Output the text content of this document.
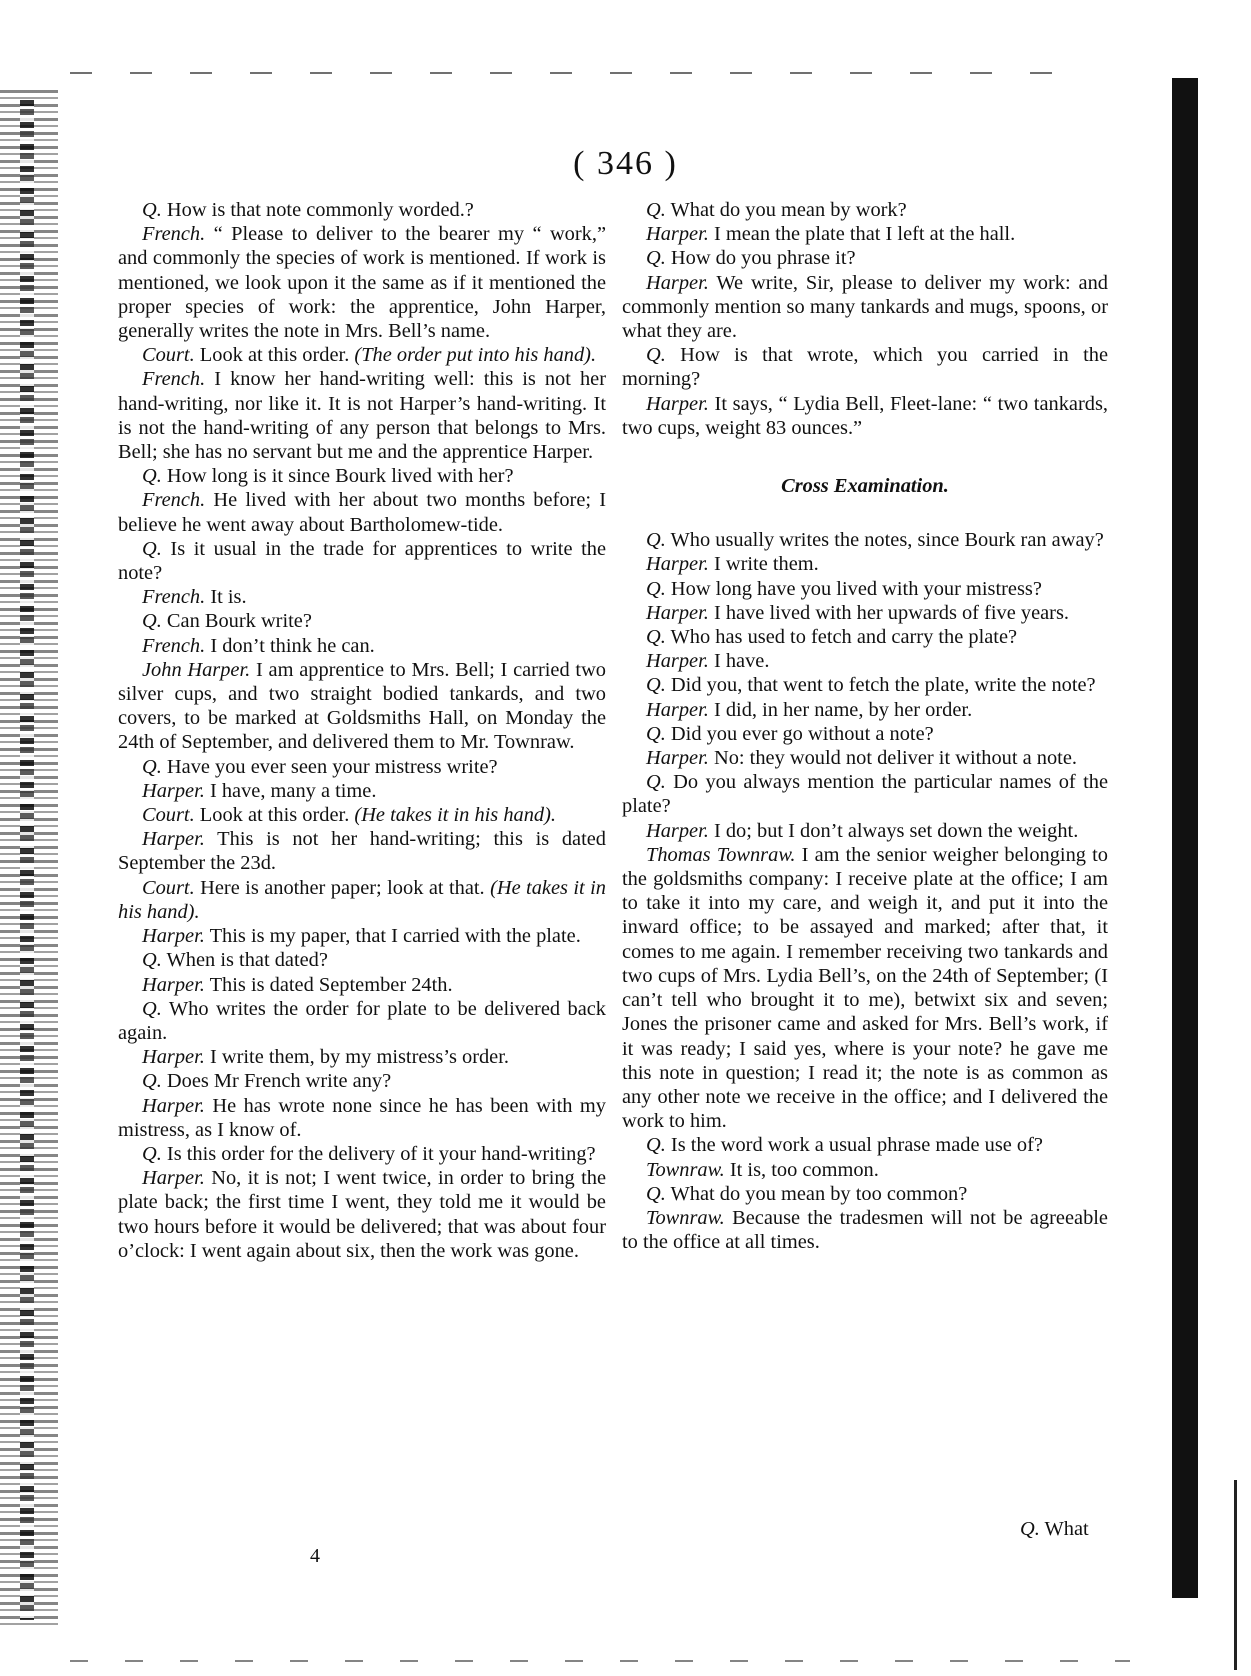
( 346 )

Q. How is that note commonly worded.?

French. “ Please to deliver to the bearer my “ work,” and commonly the species of work is mentioned. If work is mentioned, we look upon it the same as if it mentioned the proper species of work: the apprentice, John Harper, generally writes the note in Mrs. Bell’s name.

Court. Look at this order. (The order put into his hand).

French. I know her hand-writing well: this is not her hand-writing, nor like it. It is not Harper’s hand-writing. It is not the hand-writing of any person that belongs to Mrs. Bell; she has no servant but me and the apprentice Harper.

Q. How long is it since Bourk lived with her?

French. He lived with her about two months before; I believe he went away about Bartholomew-tide.

Q. Is it usual in the trade for apprentices to write the note?

French. It is.

Q. Can Bourk write?

French. I don’t think he can.

John Harper. I am apprentice to Mrs. Bell; I carried two silver cups, and two straight bodied tankards, and two covers, to be marked at Goldsmiths Hall, on Monday the 24th of September, and delivered them to Mr. Townraw.

Q. Have you ever seen your mistress write?

Harper. I have, many a time.

Court. Look at this order. (He takes it in his hand).

Harper. This is not her hand-writing; this is dated September the 23d.

Court. Here is another paper; look at that. (He takes it in his hand).

Harper. This is my paper, that I carried with the plate.

Q. When is that dated?

Harper. This is dated September 24th.

Q. Who writes the order for plate to be delivered back again.

Harper. I write them, by my mistress’s order.

Q. Does Mr French write any?

Harper. He has wrote none since he has been with my mistress, as I know of.

Q. Is this order for the delivery of it your hand-writing?

Harper. No, it is not; I went twice, in order to bring the plate back; the first time I went, they told me it would be two hours before it would be delivered; that was about four o’clock: I went again about six, then the work was gone.

Q. What do you mean by work?

Harper. I mean the plate that I left at the hall.

Q. How do you phrase it?

Harper. We write, Sir, please to deliver my work: and commonly mention so many tankards and mugs, spoons, or what they are.

Q. How is that wrote, which you carried in the morning?

Harper. It says, “ Lydia Bell, Fleet-lane: “ two tankards, two cups, weight 83 ounces.”

Cross Examination.

Q. Who usually writes the notes, since Bourk ran away?

Harper. I write them.

Q. How long have you lived with your mistress?

Harper. I have lived with her upwards of five years.

Q. Who has used to fetch and carry the plate?

Harper. I have.

Q. Did you, that went to fetch the plate, write the note?

Harper. I did, in her name, by her order.

Q. Did you ever go without a note?

Harper. No: they would not deliver it without a note.

Q. Do you always mention the particular names of the plate?

Harper. I do; but I don’t always set down the weight.

Thomas Townraw. I am the senior weigher belonging to the goldsmiths company: I receive plate at the office; I am to take it into my care, and weigh it, and put it into the inward office; to be assayed and marked; after that, it comes to me again. I remember receiving two tankards and two cups of Mrs. Lydia Bell’s, on the 24th of September; (I can’t tell who brought it to me), betwixt six and seven; Jones the prisoner came and asked for Mrs. Bell’s work, if it was ready; I said yes, where is your note? he gave me this note in question; I read it; the note is as common as any other note we receive in the office; and I delivered the work to him.

Q. Is the word work a usual phrase made use of?

Townraw. It is, too common.

Q. What do you mean by too common?

Townraw. Because the tradesmen will not be agreeable to the office at all times.

Q. What
4
